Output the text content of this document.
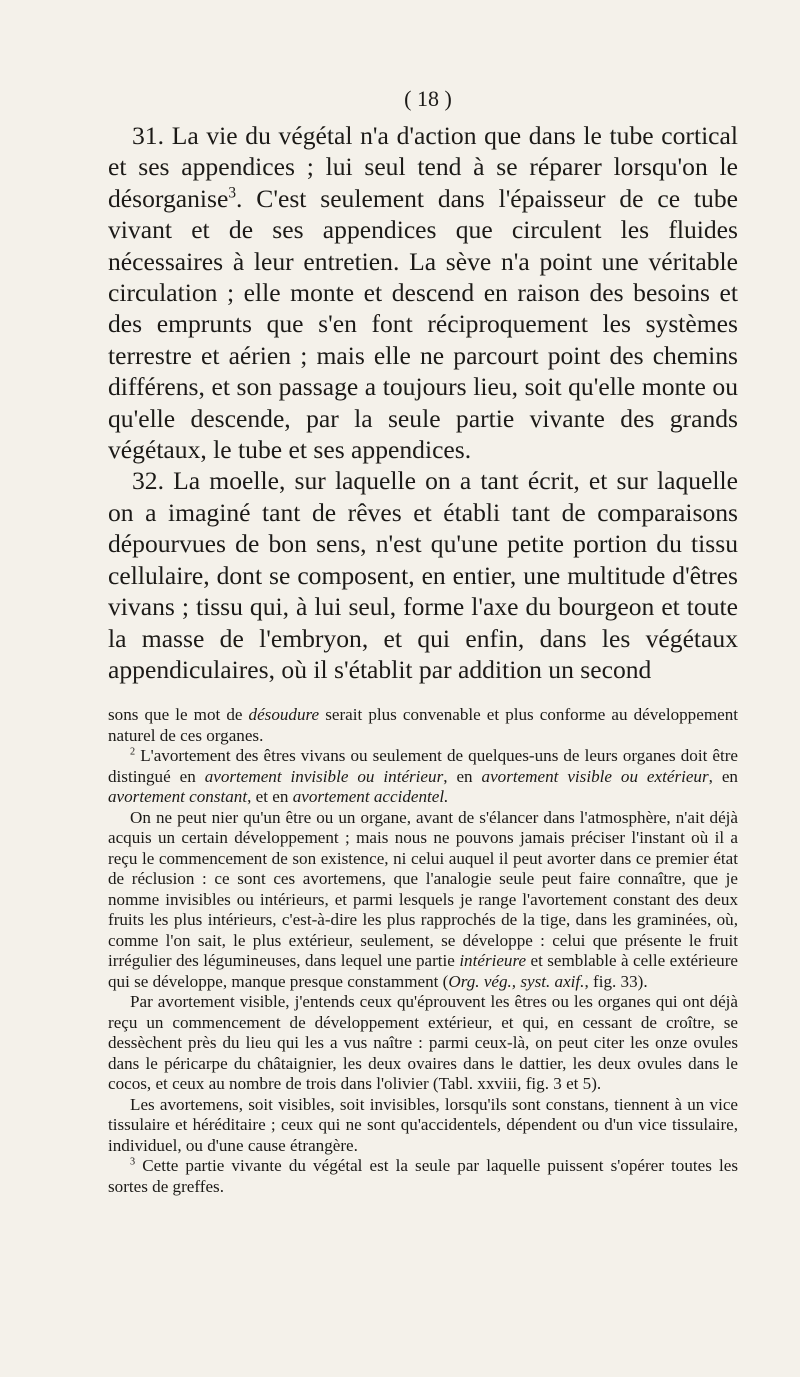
( 18 )

31. La vie du végétal n'a d'action que dans le tube cortical et ses appendices ; lui seul tend à se réparer lorsqu'on le désorganise$^3$. C'est seulement dans l'épaisseur de ce tube vivant et de ses appendices que circulent les fluides nécessaires à leur entretien. La sève n'a point une véritable circulation ; elle monte et descend en raison des besoins et des emprunts que s'en font réciproquement les systèmes terrestre et aérien ; mais elle ne parcourt point des chemins différens, et son passage a toujours lieu, soit qu'elle monte ou qu'elle descende, par la seule partie vivante des grands végétaux, le tube et ses appendices.

32. La moelle, sur laquelle on a tant écrit, et sur laquelle on a imaginé tant de rêves et établi tant de comparaisons dépourvues de bon sens, n'est qu'une petite portion du tissu cellulaire, dont se composent, en entier, une multitude d'êtres vivans ; tissu qui, à lui seul, forme l'axe du bourgeon et toute la masse de l'embryon, et qui enfin, dans les végétaux appendiculaires, où il s'établit par addition un second

sons que le mot de désoudure serait plus convenable et plus conforme au développement naturel de ces organes.

$^2$ L'avortement des êtres vivans ou seulement de quelques-uns de leurs organes doit être distingué en avortement invisible ou intérieur, en avortement visible ou extérieur, en avortement constant, et en avortement accidentel.

On ne peut nier qu'un être ou un organe, avant de s'élancer dans l'atmosphère, n'ait déjà acquis un certain développement ; mais nous ne pouvons jamais préciser l'instant où il a reçu le commencement de son existence, ni celui auquel il peut avorter dans ce premier état de réclusion : ce sont ces avortemens, que l'analogie seule peut faire connaître, que je nomme invisibles ou intérieurs, et parmi lesquels je range l'avortement constant des deux fruits les plus intérieurs, c'est-à-dire les plus rapprochés de la tige, dans les graminées, où, comme l'on sait, le plus extérieur, seulement, se développe : celui que présente le fruit irrégulier des légumineuses, dans lequel une partie intérieure et semblable à celle extérieure qui se développe, manque presque constamment (Org. vég., syst. axif., fig. 33).

Par avortement visible, j'entends ceux qu'éprouvent les êtres ou les organes qui ont déjà reçu un commencement de développement extérieur, et qui, en cessant de croître, se dessèchent près du lieu qui les a vus naître : parmi ceux-là, on peut citer les onze ovules dans le péricarpe du châtaignier, les deux ovaires dans le dattier, les deux ovules dans le cocos, et ceux au nombre de trois dans l'olivier (Tabl. xxviii, fig. 3 et 5).

Les avortemens, soit visibles, soit invisibles, lorsqu'ils sont constans, tiennent à un vice tissulaire et héréditaire ; ceux qui ne sont qu'accidentels, dépendent ou d'un vice tissulaire, individuel, ou d'une cause étrangère.

$^3$ Cette partie vivante du végétal est la seule par laquelle puissent s'opérer toutes les sortes de greffes.
